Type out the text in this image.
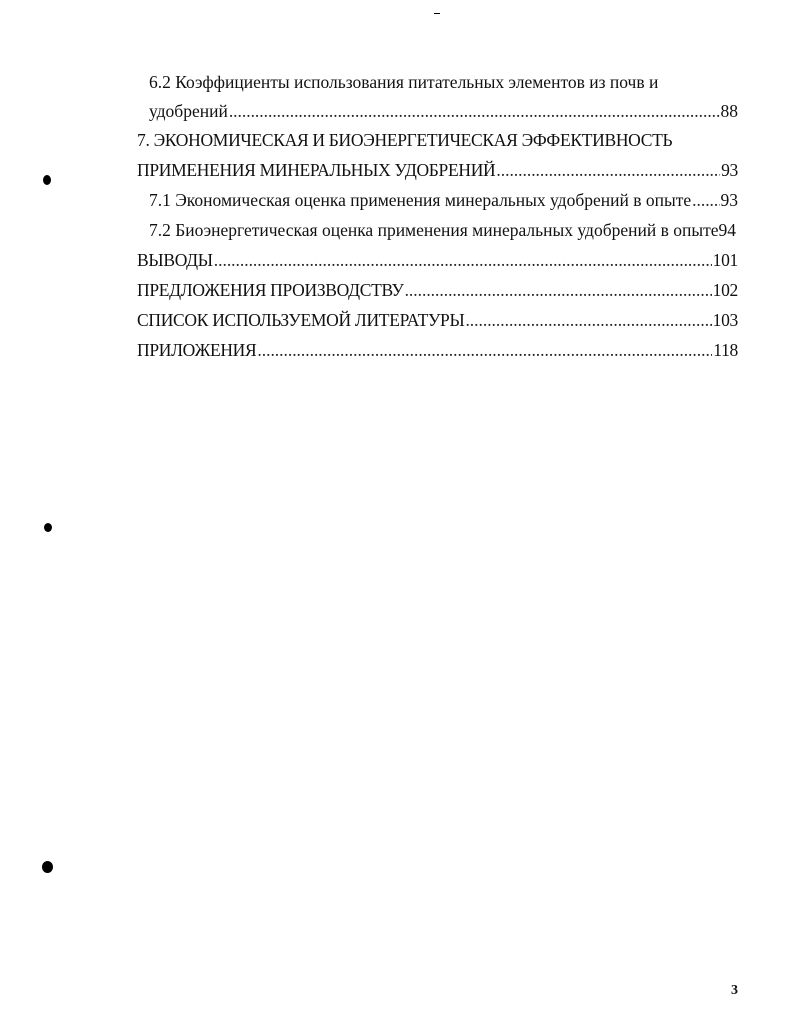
6.2 Коэффициенты использования питательных элементов из почв и
удобрений . . .	88
7. ЭКОНОМИЧЕСКАЯ И БИОЭНЕРГЕТИЧЕСКАЯ ЭФФЕКТИВНОСТЬ
ПРИМЕНЕНИЯ МИНЕРАЛЬНЫХ УДОБРЕНИЙ . . .	93
7.1 Экономическая оценка применения минеральных удобрений в опыте . . . 93
7.2 Биоэнергетическая оценка применения минеральных удобрений в опыте 94
ВЫВОДЫ . . .	101
ПРЕДЛОЖЕНИЯ ПРОИЗВОДСТВУ . . .	102
СПИСОК ИСПОЛЬЗУЕМОЙ ЛИТЕРАТУРЫ . . .	103
ПРИЛОЖЕНИЯ . . .	118
3
